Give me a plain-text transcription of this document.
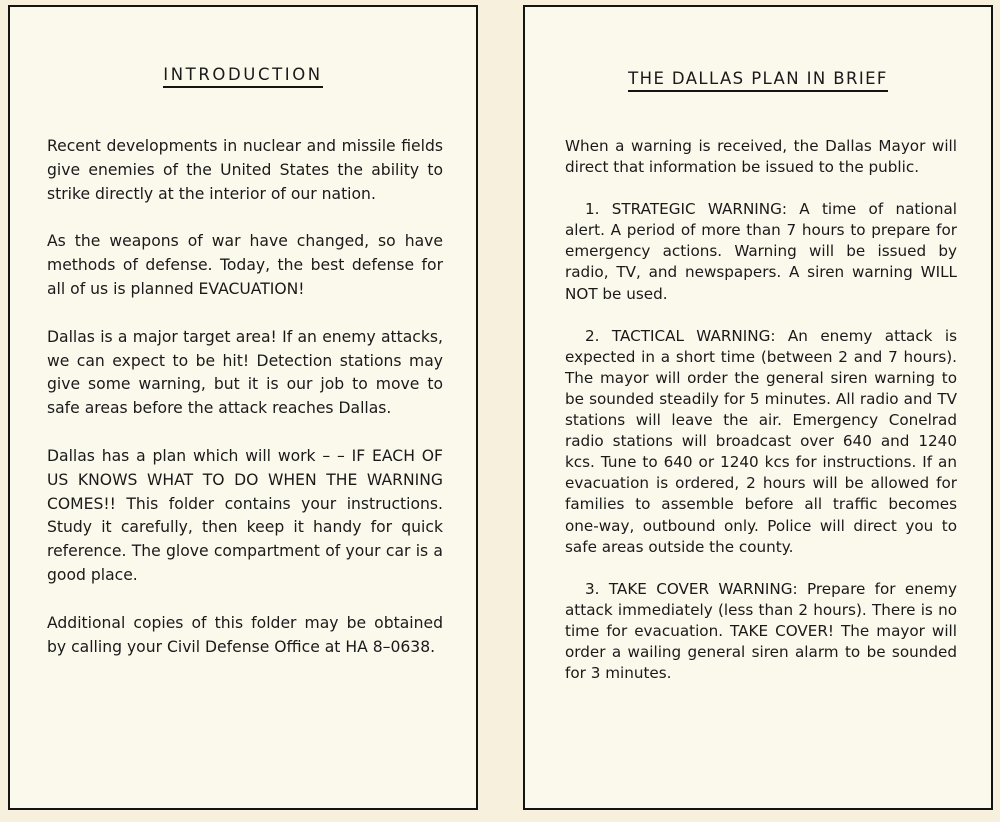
INTRODUCTION

Recent developments in nuclear and missile fields give enemies of the United States the ability to strike directly at the interior of our nation.

As the weapons of war have changed, so have methods of defense. Today, the best defense for all of us is planned EVACUATION!

Dallas is a major target area! If an enemy attacks, we can expect to be hit! Detection stations may give some warning, but it is our job to move to safe areas before the attack reaches Dallas.

Dallas has a plan which will work – – IF EACH OF US KNOWS WHAT TO DO WHEN THE WARNING COMES!! This folder contains your instructions. Study it carefully, then keep it handy for quick reference. The glove compartment of your car is a good place.

Additional copies of this folder may be obtained by calling your Civil Defense Office at HA 8–0638.

THE DALLAS PLAN IN BRIEF

When a warning is received, the Dallas Mayor will direct that information be issued to the public.

1. STRATEGIC WARNING: A time of national alert. A period of more than 7 hours to prepare for emergency actions. Warning will be issued by radio, TV, and newspapers. A siren warning WILL NOT be used.

2. TACTICAL WARNING: An enemy attack is expected in a short time (between 2 and 7 hours). The mayor will order the general siren warning to be sounded steadily for 5 minutes. All radio and TV stations will leave the air. Emergency Conelrad radio stations will broadcast over 640 and 1240 kcs. Tune to 640 or 1240 kcs for instructions. If an evacuation is ordered, 2 hours will be allowed for families to assemble before all traffic becomes one-way, outbound only. Police will direct you to safe areas outside the county.

3. TAKE COVER WARNING: Prepare for enemy attack immediately (less than 2 hours). There is no time for evacuation. TAKE COVER! The mayor will order a wailing general siren alarm to be sounded for 3 minutes.
